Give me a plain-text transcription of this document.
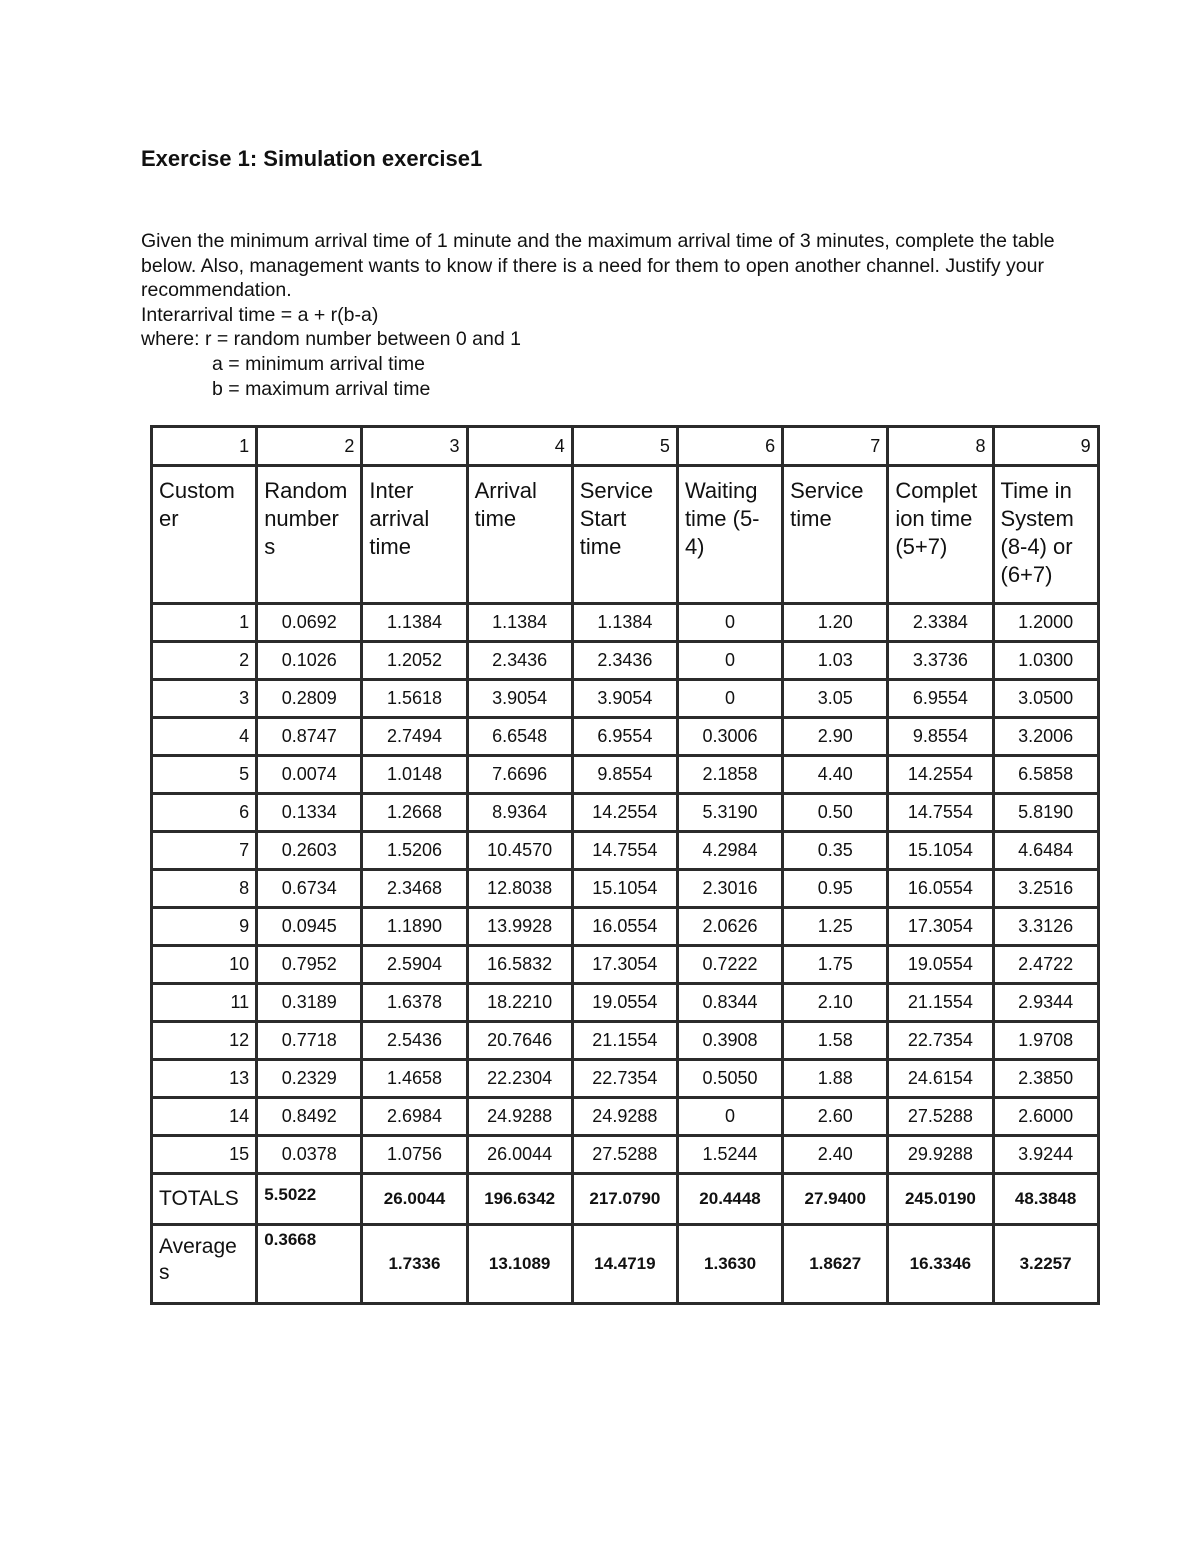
Exercise 1: Simulation exercise1

Given the minimum arrival time of 1 minute and the maximum arrival time of 3 minutes, complete the table below. Also, management wants to know if there is a need for them to open another channel. Justify your recommendation.

Interarrival time = a + r(b-a)

where: r = random number between 0 and 1

a = minimum arrival time

b = maximum arrival time

1	2	3	4	5	6	7	8	9
Custom er	Random number s	Inter arrival time	Arrival time	Service Start time	Waiting time (5- 4)	Service time	Complet ion time (5+7)	Time in System (8-4) or (6+7)
1	0.0692	1.1384	1.1384	1.1384	0	1.20	2.3384	1.2000
2	0.1026	1.2052	2.3436	2.3436	0	1.03	3.3736	1.0300
3	0.2809	1.5618	3.9054	3.9054	0	3.05	6.9554	3.0500
4	0.8747	2.7494	6.6548	6.9554	0.3006	2.90	9.8554	3.2006
5	0.0074	1.0148	7.6696	9.8554	2.1858	4.40	14.2554	6.5858
6	0.1334	1.2668	8.9364	14.2554	5.3190	0.50	14.7554	5.8190
7	0.2603	1.5206	10.4570	14.7554	4.2984	0.35	15.1054	4.6484
8	0.6734	2.3468	12.8038	15.1054	2.3016	0.95	16.0554	3.2516
9	0.0945	1.1890	13.9928	16.0554	2.0626	1.25	17.3054	3.3126
10	0.7952	2.5904	16.5832	17.3054	0.7222	1.75	19.0554	2.4722
11	0.3189	1.6378	18.2210	19.0554	0.8344	2.10	21.1554	2.9344
12	0.7718	2.5436	20.7646	21.1554	0.3908	1.58	22.7354	1.9708
13	0.2329	1.4658	22.2304	22.7354	0.5050	1.88	24.6154	2.3850
14	0.8492	2.6984	24.9288	24.9288	0	2.60	27.5288	2.6000
15	0.0378	1.0756	26.0044	27.5288	1.5244	2.40	29.9288	3.9244
TOTALS	5.5022	26.0044	196.6342	217.0790	20.4448	27.9400	245.0190	48.3848
Average s	0.3668	1.7336	13.1089	14.4719	1.3630	1.8627	16.3346	3.2257
